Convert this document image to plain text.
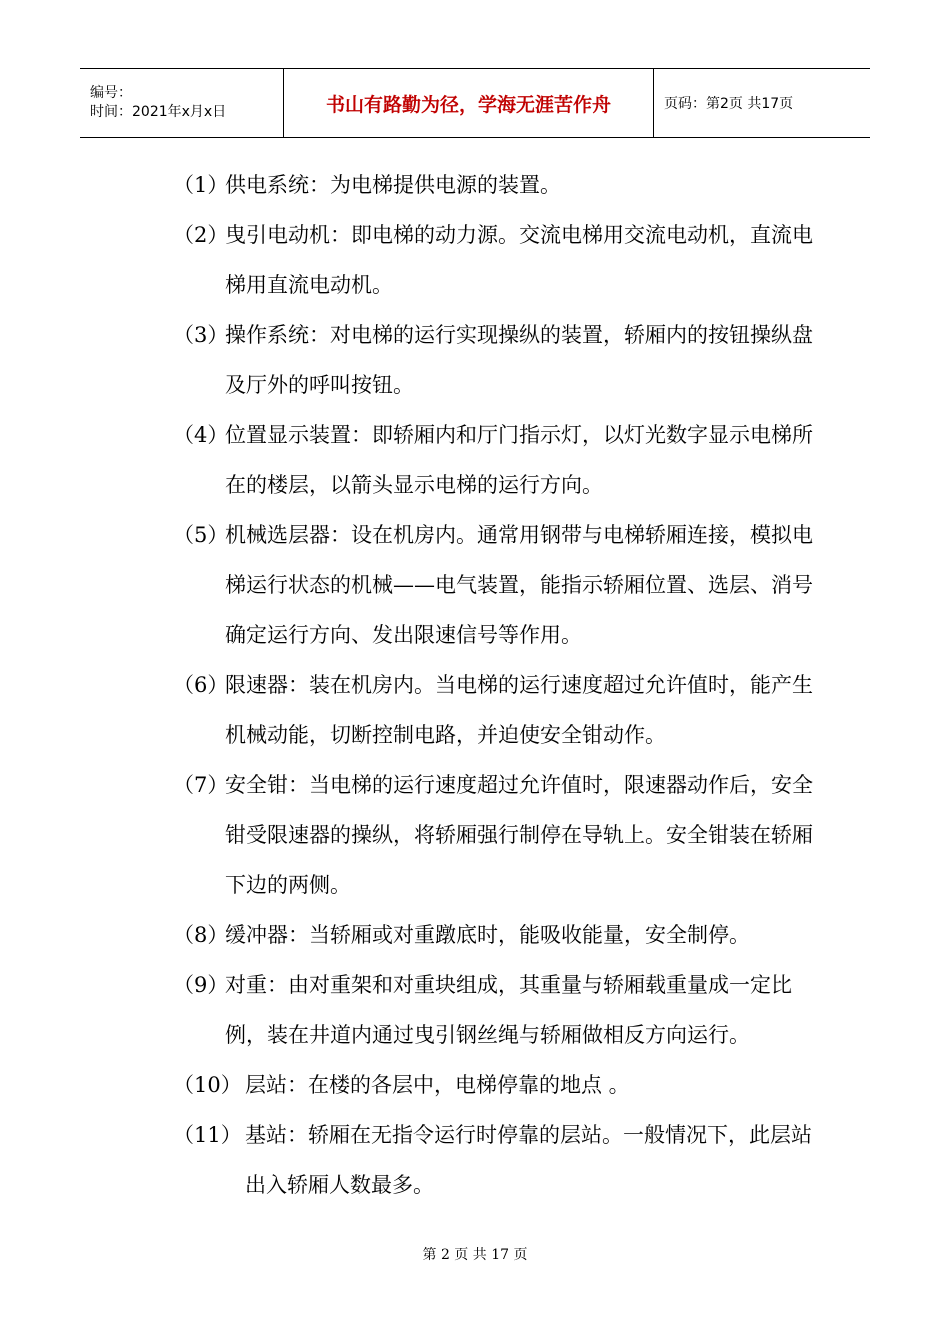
编号：
时间：2021年x月x日	书山有路勤为径，学海无涯苦作舟	页码：第2页 共17页
（1）
供电系统：为电梯提供电源的装置。
（2）
曳引电动机：即电梯的动力源。交流电梯用交流电动机，直流电梯用直流电动机。
（3）
操作系统：对电梯的运行实现操纵的装置，轿厢内的按钮操纵盘及厅外的呼叫按钮。
（4）
位置显示装置：即轿厢内和厅门指示灯，以灯光数字显示电梯所在的楼层，以箭头显示电梯的运行方向。
（5）
机械选层器：设在机房内。通常用钢带与电梯轿厢连接，模拟电梯运行状态的机械——电气装置，能指示轿厢位置、选层、消号确定运行方向、发出限速信号等作用。
（6）
限速器：装在机房内。当电梯的运行速度超过允许值时，能产生机械动能，切断控制电路，并迫使安全钳动作。
（7）
安全钳：当电梯的运行速度超过允许值时，限速器动作后，安全钳受限速器的操纵，将轿厢强行制停在导轨上。安全钳装在轿厢下边的两侧。
（8）
缓冲器：当轿厢或对重蹾底时，能吸收能量，安全制停。
（9）
对重：由对重架和对重块组成，其重量与轿厢载重量成一定比例，装在井道内通过曳引钢丝绳与轿厢做相反方向运行。
（10） 层站：在楼的各层中，电梯停靠的地点 。
（11） 基站：轿厢在无指令运行时停靠的层站。一般情况下，此层站出入轿厢人数最多。
第 2 页 共 17 页
